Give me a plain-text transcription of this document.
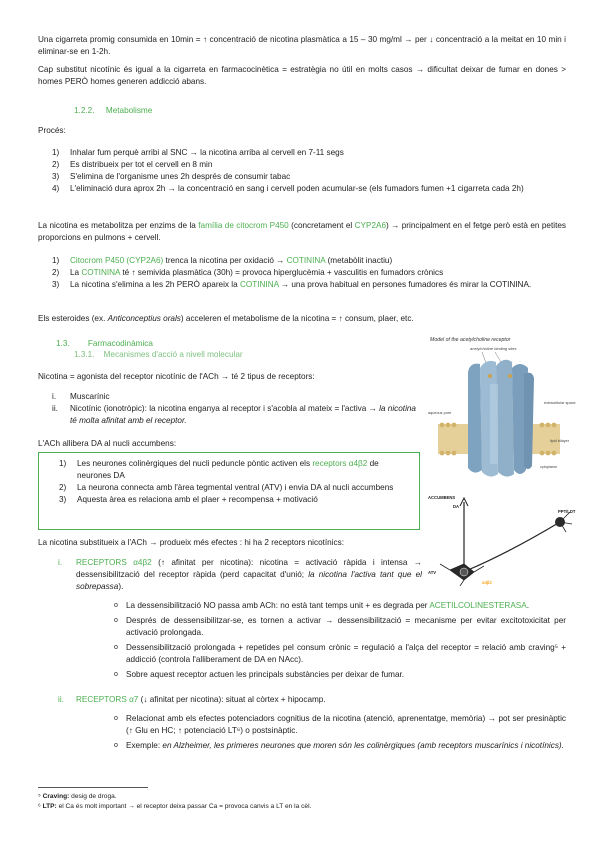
Una cigarreta promig consumida en 10min = ↑ concentració de nicotina plasmàtica a 15 – 30 mg/ml → per ↓ concentració a la meitat en 10 min i eliminar-se en 1-2h.
Cap substitut nicotínic és igual a la cigarreta en farmacocinètica = estratègia no útil en molts casos → dificultat deixar de fumar en dones > homes PERÒ homes generen addicció abans.
1.2.2. Metabolisme
Procés:
1) Inhalar fum perquè arribi al SNC → la nicotina arriba al cervell en 7-11 segs
2) Es distribueix per tot el cervell en 8 min
3) S'elimina de l'organisme unes 2h després de consumir tabac
4) L'eliminació dura aprox 2h → la concentració en sang i cervell poden acumular-se (els fumadors fumen +1 cigarreta cada 2h)
La nicotina es metabolitza per enzims de la família de citocrom P450 (concretament el CYP2A6) → principalment en el fetge però està en petites proporcions en pulmons + cervell.
1) Citocrom P450 (CYP2A6) trenca la nicotina per oxidació → COTININA (metabòlit inactiu)
2) La COTININA té ↑ semivida plasmàtica (30h) = provoca hiperglucèmia + vasculitis en fumadors crònics
3) La nicotina s'elimina a les 2h PERÒ apareix la COTININA → una prova habitual en persones fumadores és mirar la COTININA.
Els esteroides (ex. Anticonceptius orals) acceleren el metabolisme de la nicotina = ↑ consum, plaer, etc.
1.3. Farmacodinàmica
1.3.1. Mecanismes d'acció a nivell molecular
Nicotina = agonista del receptor nicotínic de l'ACh → té 2 tipus de receptors:
i. Muscarínic
ii. Nicotínic (ionotròpic): la nicotina enganya al receptor i s'acobla al mateix = l'activa → la nicotina té molta afinitat amb el receptor.
L'ACh allibera DA al nucli accumbens:
1) Les neurones colinèrgiques del nucli peduncle pòntic activen els receptors α4β2 de neurones DA
2) La neurona connecta amb l'àrea tegmental ventral (ATV) i envia DA al nucli accumbens
3) Aquesta àrea es relaciona amb el plaer + recompensa + motivació
La nicotina substitueix a l'ACh → produeix més efectes : hi ha 2 receptors nicotínics:
i. RECEPTORS α4β2 (↑ afinitat per nicotina): nicotina = activació ràpida i intensa → dessensibilització del receptor ràpida (perd capacitat d'unió; la nicotina l'activa tant que el sobrepassa).
o La dessensibilització NO passa amb ACh: no està tant temps unit + es degrada per ACETILCOLINESTERASA.
o Després de dessensibilitzar-se, es tornen a activar → dessensibilització = mecanisme per evitar excitotoxicitat per activació prolongada.
o Dessensibilització prolongada + repetides pel consum crònic = regulació a l'alça del receptor = relació amb craving⁵ + addicció (controla l'alliberament de DA en NAcc).
o Sobre aquest receptor actuen les principals substàncies per deixar de fumar.
ii. RECEPTORS α7 (↓ afinitat per nicotina): situat al còrtex + hipocamp.
o Relacionat amb els efectes potenciadors cognitius de la nicotina (atenció, aprenentatge, memòria) → pot ser presinàptic (↑ Glu en HC; ↑ potenciació LT⁶) o postsinàptic.
o Exemple: en Alzheimer, les primeres neurones que moren són les colinèrgiques (amb receptors muscarínics i nicotínics).
⁵ Craving: desig de droga.
⁶ LTP: el Ca és molt important → el receptor deixa passar Ca = provoca canvis a LT en la cèl.
Model of the acetylcholine receptor
acetylcholine binding sites
aqueous pore
extracellular space
lipid bilayer
cytoplasm
ACCUMBENS
DA
PPT/LDT
ATV
α4β2
